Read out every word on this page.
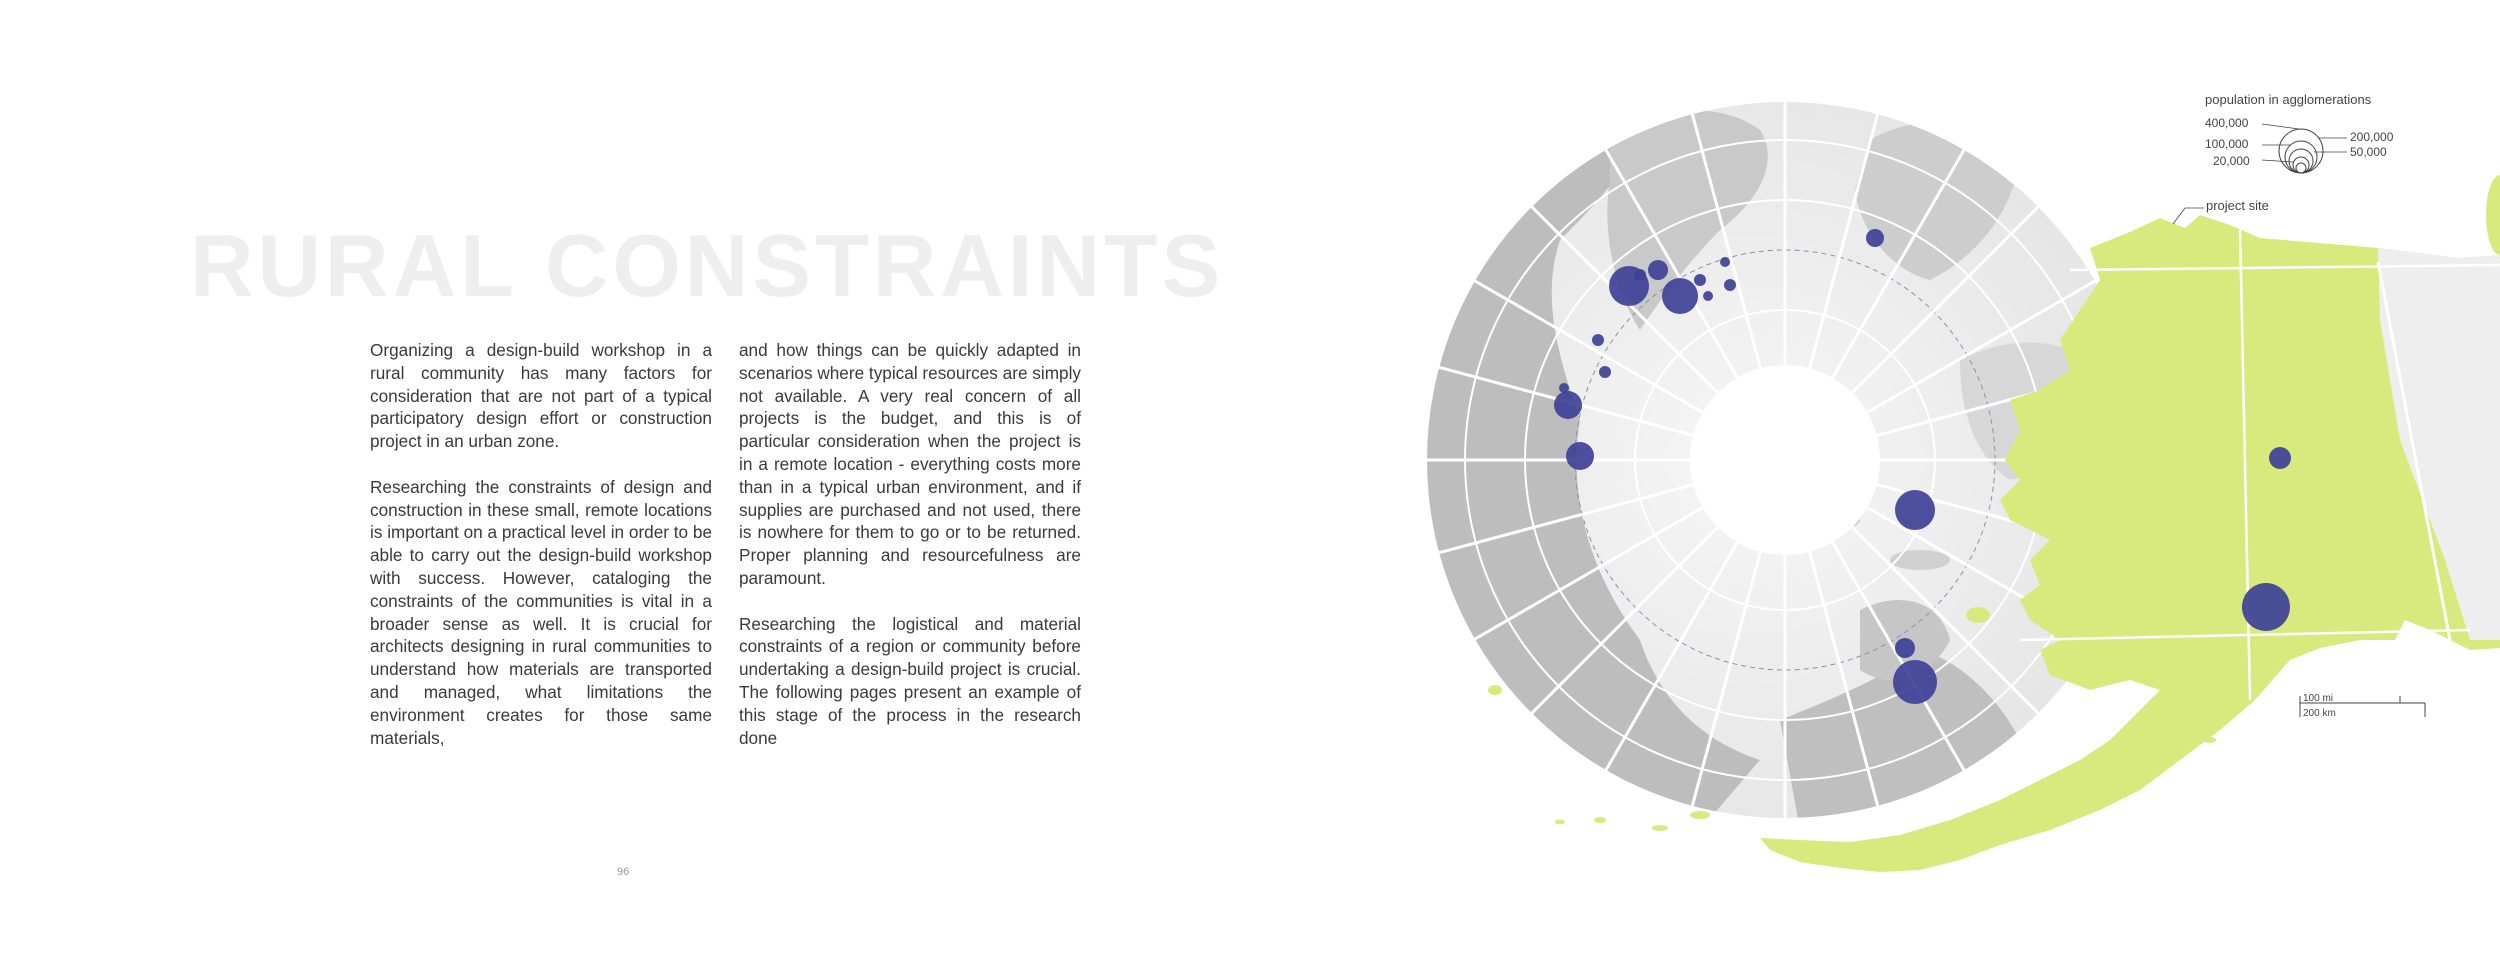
RURAL CONSTRAINTS

Organizing a design-build workshop in a rural community has many factors for consideration that are not part of a typical participatory design effort or construction project in an urban zone.

Researching the constraints of design and construction in these small, remote locations is important on a practical level in order to be able to carry out the design-build workshop with success. However, cataloging the constraints of the communities is vital in a broader sense as well. It is crucial for architects designing in rural communities to understand how materials are transported and managed, what limitations the environment creates for those same materials,

and how things can be quickly adapted in scenarios where typical resources are simply not available. A very real concern of all projects is the budget, and this is of particular consideration when the project is in a remote location - everything costs more than in a typical urban environment, and if supplies are purchased and not used, there is nowhere for them to go or to be returned. Proper planning and resourcefulness are paramount.

Researching the logistical and material constraints of a region or community before undertaking a design-build project is crucial. The following pages present an example of this stage of the process in the research done

96
population in agglomerations
400,000
200,000
100,000
50,000
20,000
project site
100 mi
200 km
